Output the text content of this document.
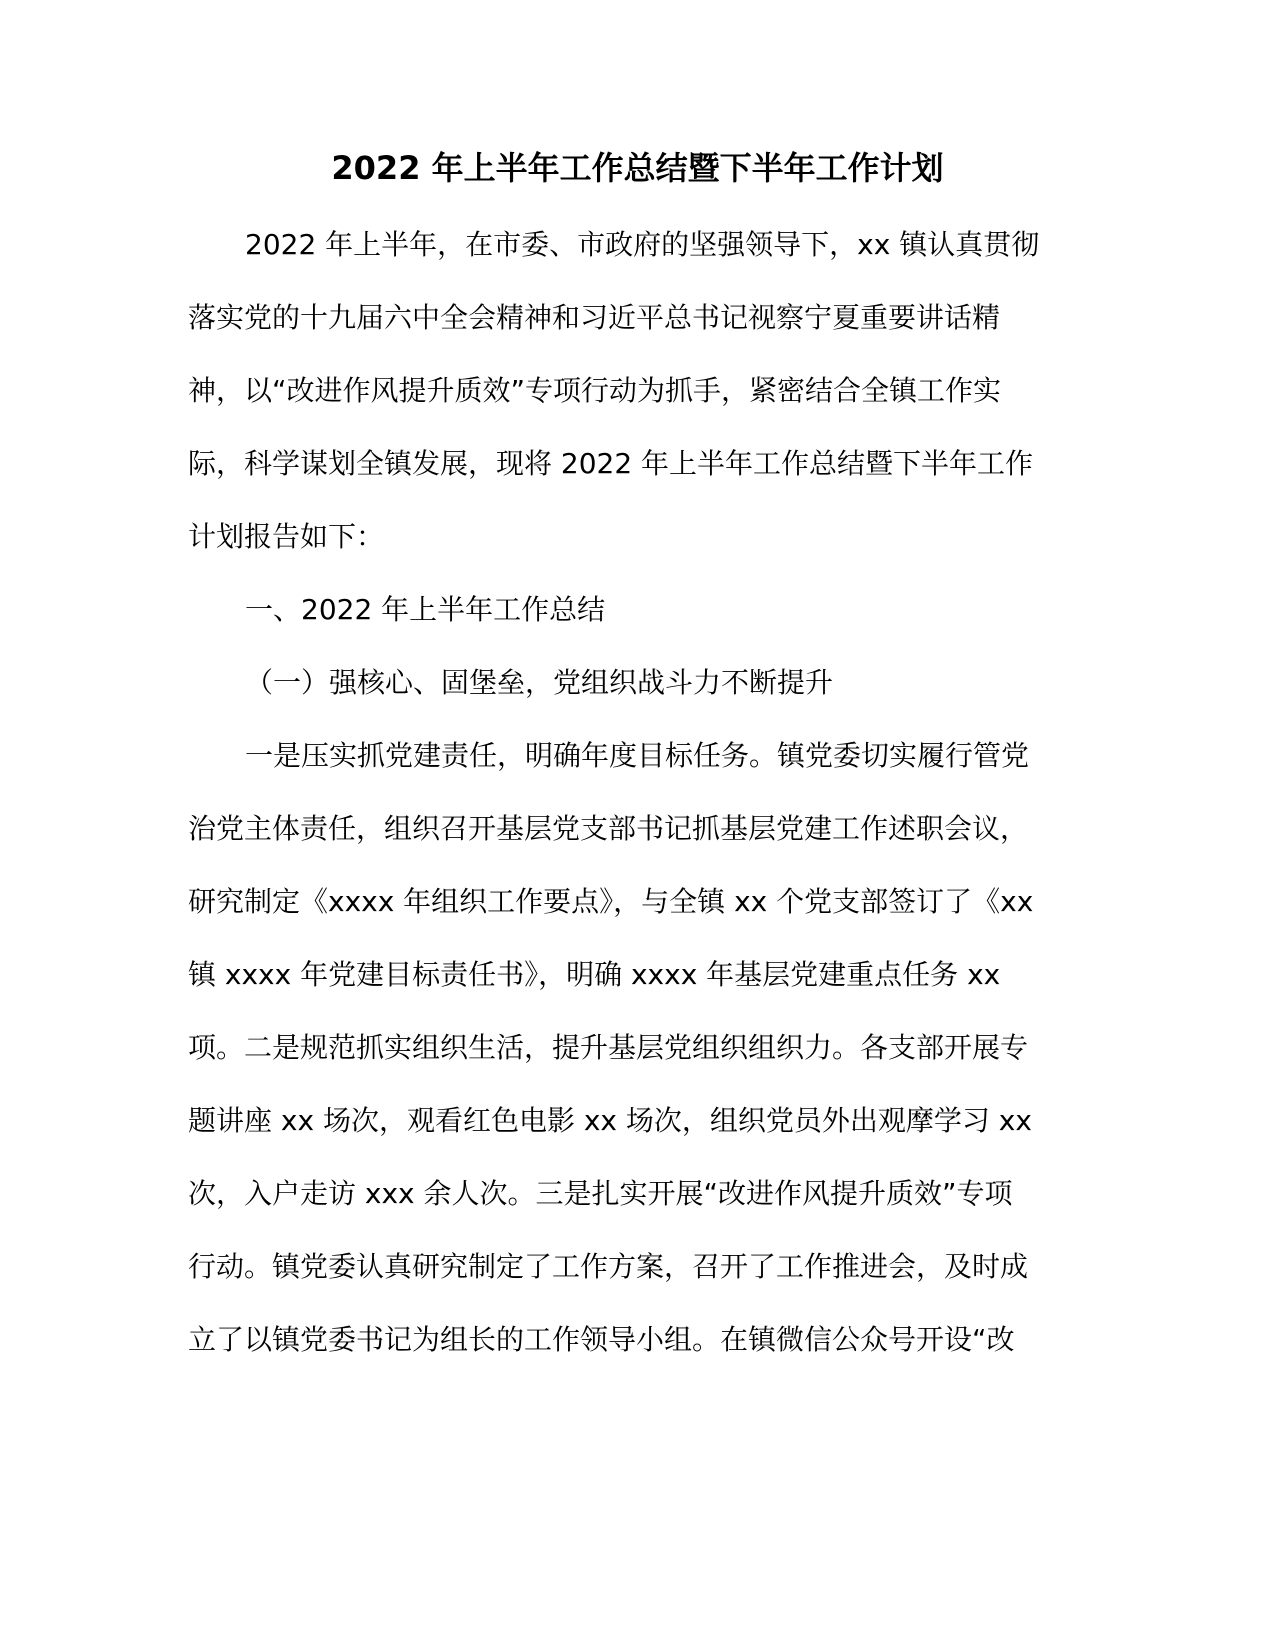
2022 年上半年工作总结暨下半年工作计划
2022 年上半年，在市委、市政府的坚强领导下，xx 镇认真贯彻
落实党的十九届六中全会精神和习近平总书记视察宁夏重要讲话精
神，以“改进作风提升质效”专项行动为抓手，紧密结合全镇工作实
际，科学谋划全镇发展，现将 2022 年上半年工作总结暨下半年工作
计划报告如下：
一、2022 年上半年工作总结
（一）强核心、固堡垒，党组织战斗力不断提升
一是压实抓党建责任，明确年度目标任务。镇党委切实履行管党
治党主体责任，组织召开基层党支部书记抓基层党建工作述职会议，
研究制定《xxxx 年组织工作要点》，与全镇 xx 个党支部签订了《xx
镇 xxxx 年党建目标责任书》，明确 xxxx 年基层党建重点任务 xx
项。二是规范抓实组织生活，提升基层党组织组织力。各支部开展专
题讲座 xx 场次，观看红色电影 xx 场次，组织党员外出观摩学习 xx
次，入户走访 xxx 余人次。三是扎实开展“改进作风提升质效”专项
行动。镇党委认真研究制定了工作方案，召开了工作推进会，及时成
立了以镇党委书记为组长的工作领导小组。在镇微信公众号开设“改
